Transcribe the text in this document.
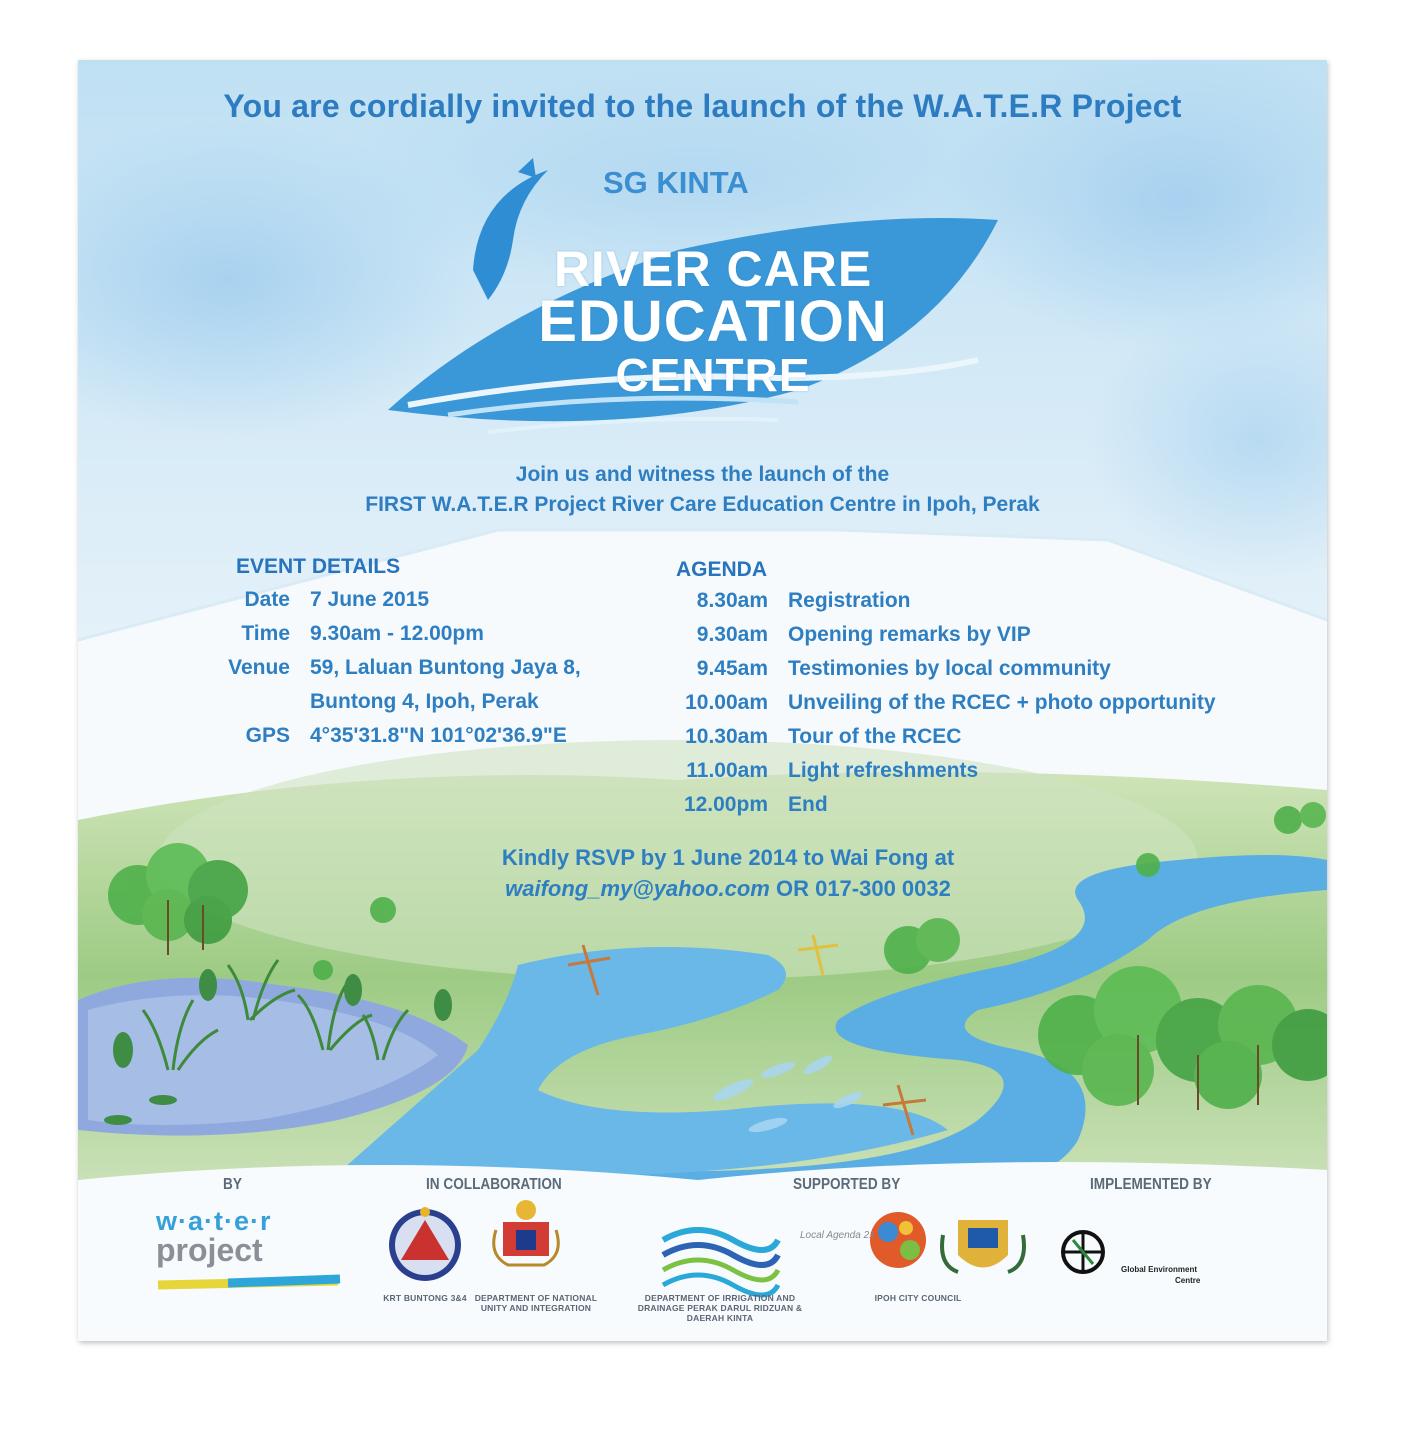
You are cordially invited to the launch of the W.A.T.E.R Project
SG KINTA
RIVER CARE
EDUCATION
CENTRE
Join us and witness the launch of the
FIRST W.A.T.E.R Project River Care Education Centre in Ipoh, Perak
EVENT DETAILS
Date 7 June 2015
Time 9.30am - 12.00pm
Venue 59, Laluan Buntong Jaya 8,
Buntong 4, Ipoh, Perak
GPS 4°35'31.8"N 101°02'36.9"E
AGENDA
8.30am Registration
9.30am Opening remarks by VIP
9.45am Testimonies by local community
10.00am Unveiling of the RCEC + photo opportunity
10.30am Tour of the RCEC
11.00am Light refreshments
12.00pm End
Kindly RSVP by 1 June 2014 to Wai Fong at
waifong_my@yahoo.com OR 017-300 0032
BY	IN COLLABORATION	SUPPORTED BY	IMPLEMENTED BY
w·a·t·e·r
project
KRT BUNTONG 3&4 DEPARTMENT OF NATIONAL
UNITY AND INTEGRATION
DEPARTMENT OF IRRIGATION AND
DRAINAGE PERAK DARUL RIDZUAN &
DAERAH KINTA
IPOH CITY COUNCIL
Local Agenda 21
Global Environment
Centre
